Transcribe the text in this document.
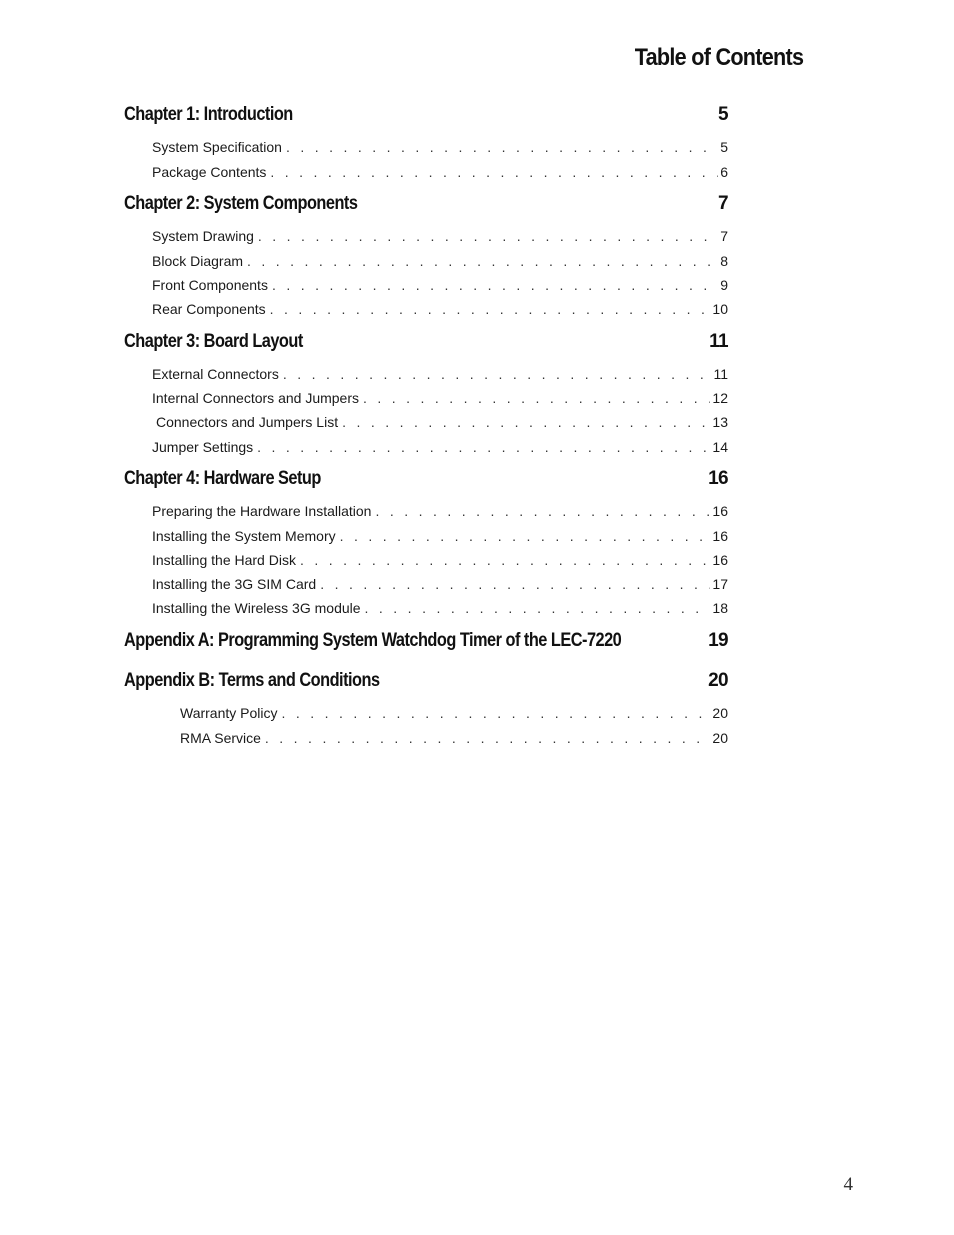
Table of Contents
Chapter 1: Introduction	5
System Specification . . .	5
Package Contents . . .	6
Chapter 2: System Components	7
System Drawing . . .	7
Block Diagram . . .	8
Front Components . . .	9
Rear Components . . .	10
Chapter 3: Board Layout	11
External Connectors . . .	11
Internal Connectors and Jumpers . . .	12
Connectors and Jumpers List . . .	13
Jumper Settings . . .	14
Chapter 4: Hardware Setup	16
Preparing the Hardware Installation . . .	16
Installing the System Memory . . .	16
Installing the Hard Disk . . .	16
Installing the 3G SIM Card . . .	17
Installing the Wireless 3G module . . .	18
Appendix A: Programming System Watchdog Timer of the LEC-7220	19
Appendix B: Terms and Conditions	20
Warranty Policy . . .	20
RMA Service . . .	20
4
